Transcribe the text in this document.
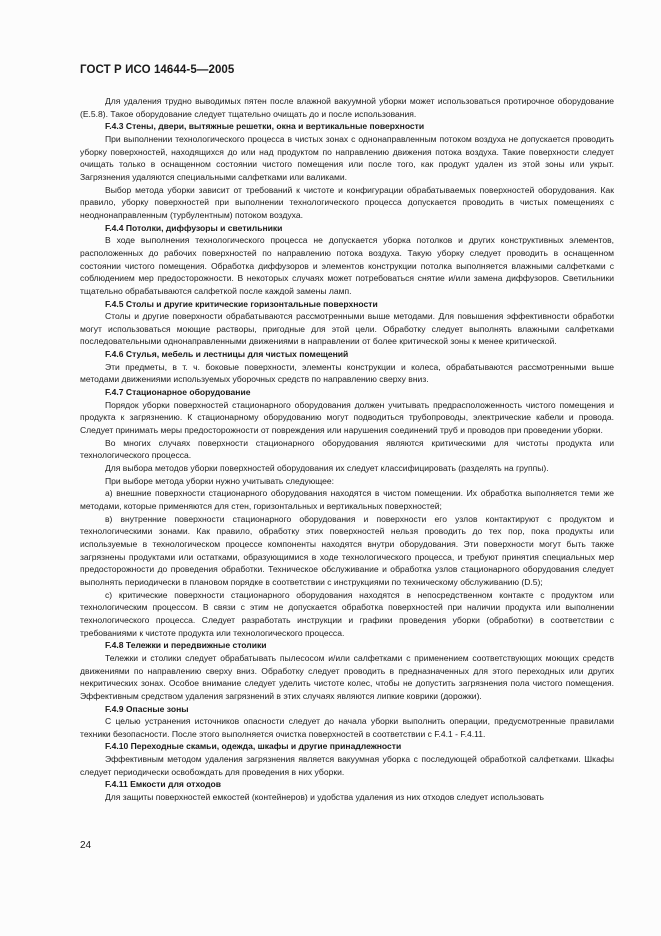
ГОСТ Р ИСО 14644-5—2005

Для удаления трудно выводимых пятен после влажной вакуумной уборки может использоваться протирочное оборудование (Е.5.8). Такое оборудование следует тщательно очищать до и после использования.

F.4.3 Стены, двери, вытяжные решетки, окна и вертикальные поверхности

При выполнении технологического процесса в чистых зонах с однонаправленным потоком воздуха не допускается проводить уборку поверхностей, находящихся до или над продуктом по направлению движения потока воздуха. Такие поверхности следует очищать только в оснащенном состоянии чистого помещения или после того, как продукт удален из этой зоны или укрыт. Загрязнения удаляются специальными салфетками или валиками.

Выбор метода уборки зависит от требований к чистоте и конфигурации обрабатываемых поверхностей оборудования. Как правило, уборку поверхностей при выполнении технологического процесса допускается проводить в чистых помещениях с неоднонаправленным (турбулентным) потоком воздуха.

F.4.4 Потолки, диффузоры и светильники

В ходе выполнения технологического процесса не допускается уборка потолков и других конструктивных элементов, расположенных до рабочих поверхностей по направлению потока воздуха. Такую уборку следует проводить в оснащенном состоянии чистого помещения. Обработка диффузоров и элементов конструкции потолка выполняется влажными салфетками с соблюдением мер предосторожности. В некоторых случаях может потребоваться снятие и/или замена диффузоров. Светильники тщательно обрабатываются салфеткой после каждой замены ламп.

F.4.5 Столы и другие критические горизонтальные поверхности

Столы и другие поверхности обрабатываются рассмотренными выше методами. Для повышения эффективности обработки могут использоваться моющие растворы, пригодные для этой цели. Обработку следует выполнять влажными салфетками последовательными однонаправленными движениями в направлении от более критической зоны к менее критической.

F.4.6 Стулья, мебель и лестницы для чистых помещений

Эти предметы, в т. ч. боковые поверхности, элементы конструкции и колеса, обрабатываются рассмотренными выше методами движениями используемых уборочных средств по направлению сверху вниз.

F.4.7 Стационарное оборудование

Порядок уборки поверхностей стационарного оборудования должен учитывать предрасположенность чистого помещения и продукта к загрязнению. К стационарному оборудованию могут подводиться трубопроводы, электрические кабели и провода. Следует принимать меры предосторожности от повреждения или нарушения соединений труб и проводов при проведении уборки.

Во многих случаях поверхности стационарного оборудования являются критическими для чистоты продукта или технологического процесса.

Для выбора методов уборки поверхностей оборудования их следует классифицировать (разделять на группы).

При выборе метода уборки нужно учитывать следующее:

а) внешние поверхности стационарного оборудования находятся в чистом помещении. Их обработка выполняется теми же методами, которые применяются для стен, горизонтальных и вертикальных поверхностей;

в) внутренние поверхности стационарного оборудования и поверхности его узлов контактируют с продуктом и технологическими зонами. Как правило, обработку этих поверхностей нельзя проводить до тех пор, пока продукты или используемые в технологическом процессе компоненты находятся внутри оборудования. Эти поверхности могут быть также загрязнены продуктами или остатками, образующимися в ходе технологического процесса, и требуют принятия специальных мер предосторожности до проведения обработки. Техническое обслуживание и обработка узлов стационарного оборудования следует выполнять периодически в плановом порядке в соответствии с инструкциями по техническому обслуживанию (D.5);

с) критические поверхности стационарного оборудования находятся в непосредственном контакте с продуктом или технологическим процессом. В связи с этим не допускается обработка поверхностей при наличии продукта или выполнении технологического процесса. Следует разработать инструкции и графики проведения уборки (обработки) в соответствии с требованиями к чистоте продукта или технологического процесса.

F.4.8 Тележки и передвижные столики

Тележки и столики следует обрабатывать пылесосом и/или салфетками с применением соответствующих моющих средств движениями по направлению сверху вниз. Обработку следует проводить в предназначенных для этого переходных или других некритических зонах. Особое внимание следует уделить чистоте колес, чтобы не допустить загрязнения пола чистого помещения. Эффективным средством удаления загрязнений в этих случаях являются липкие коврики (дорожки).

F.4.9 Опасные зоны

С целью устранения источников опасности следует до начала уборки выполнить операции, предусмотренные правилами техники безопасности. После этого выполняется очистка поверхностей в соответствии с F.4.1 - F.4.11.

F.4.10 Переходные скамьи, одежда, шкафы и другие принадлежности

Эффективным методом удаления загрязнения является вакуумная уборка с последующей обработкой салфетками. Шкафы следует периодически освобождать для проведения в них уборки.

F.4.11 Емкости для отходов

Для защиты поверхностей емкостей (контейнеров) и удобства удаления из них отходов следует использовать

24
